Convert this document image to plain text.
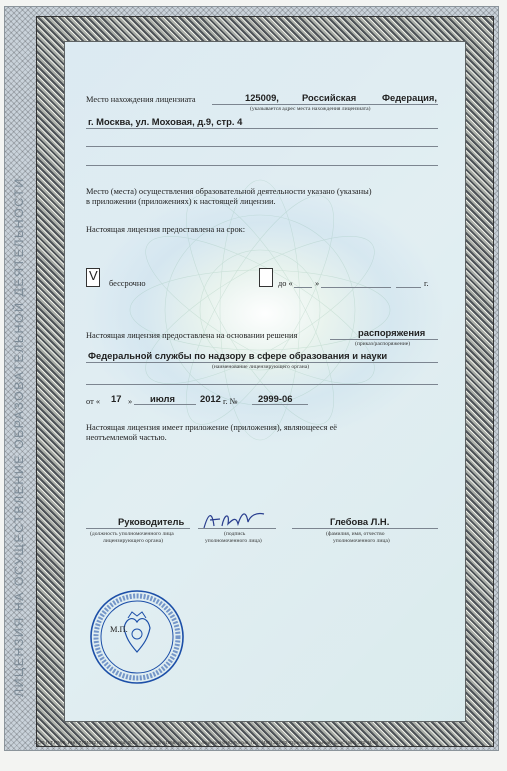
ЛИЦЕНЗИЯ НА ОСУЩЕСТВЛЕНИЕ ОБРАЗОВАТЕЛЬНОЙ ДЕЯТЕЛЬНОСТИ
Место нахождения лицензиата	125009, Российская	Федерация,
(указывается адрес места нахождения лицензиата)
г. Москва, ул. Моховая, д.9, стр. 4
Место (места) осуществления образовательной деятельности указано (указаны)
в приложении (приложениях) к настоящей лицензии.
Настоящая лицензия предоставлена на срок:
V
бессрочно	до «	»	г.
Настоящая лицензия предоставлена на основании решения	распоряжения
(приказ/распоряжение)
Федеральной службы по надзору в сфере образования и науки
(наименование лицензирующего органа)
от « 17 » июля	2012 г. № 2999-06
Настоящая лицензия имеет приложение (приложения), являющееся её
неотъемлемой частью.
Руководитель
(должность уполномоченного лица
лицензирующего органа)
(подпись
уполномоченного лица)
Глебова Л.Н.
(фамилия, имя, отчество
уполномоченного лица)
М.П.
ООО Н.Т.ГРАФ, ИНН 7734032779, г. Москва, 2012 г., заказ № А1658, уровень А, лицензия ФНС России, тел.: (495) 332-02-02(многоканальный), факс (499) 332-44-99
